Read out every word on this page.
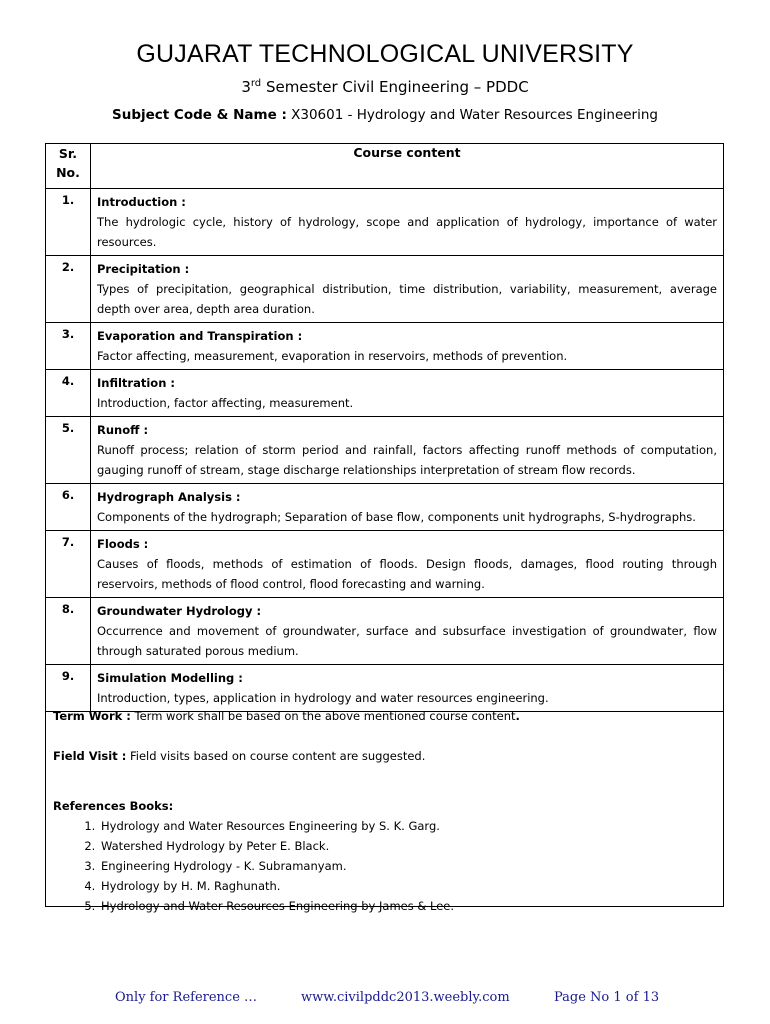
GUJARAT TECHNOLOGICAL UNIVERSITY
3rd Semester Civil Engineering – PDDC
Subject Code & Name : X30601 - Hydrology and Water Resources Engineering
Sr.
No.	Course content
1.	Introduction :
The hydrologic cycle, history of hydrology, scope and application of hydrology, importance of water resources.

2.	Precipitation :
Types of precipitation, geographical distribution, time distribution, variability, measurement, average depth over area, depth area duration.

3.	Evaporation and Transpiration :
Factor affecting, measurement, evaporation in reservoirs, methods of prevention.

4.	Infiltration :
Introduction, factor affecting, measurement.

5.	Runoff :
Runoff process; relation of storm period and rainfall, factors affecting runoff methods of computation, gauging runoff of stream, stage discharge relationships interpretation of stream flow records.

6.	Hydrograph Analysis :
Components of the hydrograph; Separation of base flow, components unit hydrographs, S-hydrographs.

7.	Floods :
Causes of floods, methods of estimation of floods. Design floods, damages, flood routing through reservoirs, methods of flood control, flood forecasting and warning.

8.	Groundwater Hydrology :
Occurrence and movement of groundwater, surface and subsurface investigation of groundwater, flow through saturated porous medium.

9.	Simulation Modelling :
Introduction, types, application in hydrology and water resources engineering.
Term Work : Term work shall be based on the above mentioned course content.
Field Visit : Field visits based on course content are suggested.
References Books:
1. Hydrology and Water Resources Engineering by S. K. Garg.
2. Watershed Hydrology by Peter E. Black.
3. Engineering Hydrology - K. Subramanyam.
4. Hydrology by H. M. Raghunath.
5. Hydrology and Water Resources Engineering by James & Lee.
Only for Reference …	www.civilpddc2013.weebly.com	Page No 1 of 13
